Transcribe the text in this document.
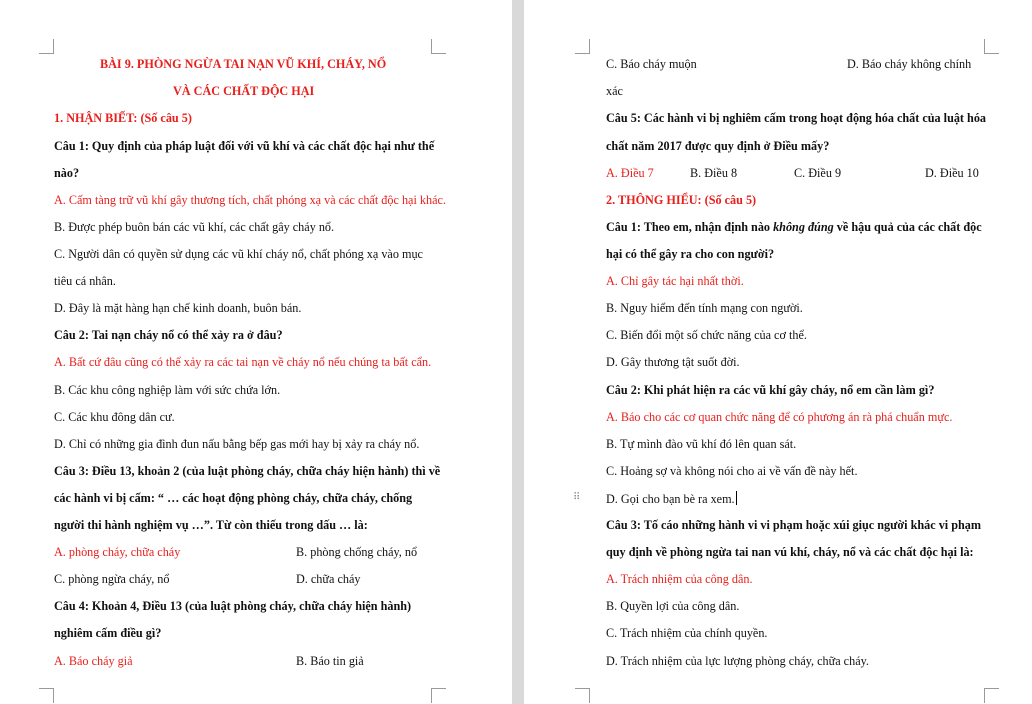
BÀI 9. PHÒNG NGỪA TAI NẠN VŨ KHÍ, CHÁY, NỔ
VÀ CÁC CHẤT ĐỘC HẠI
1. NHẬN BIẾT: (Số câu 5)
Câu 1: Quy định của pháp luật đối với vũ khí và các chất độc hại như thế
nào?
A. Cấm tàng trữ vũ khí gây thương tích, chất phóng xạ và các chất độc hại khác.
B. Được phép buôn bán các vũ khí, các chất gây cháy nổ.
C. Người dân có quyền sử dụng các vũ khí cháy nổ, chất phóng xạ vào mục
tiêu cá nhân.
D. Đây là mặt hàng hạn chế kinh doanh, buôn bán.
Câu 2: Tai nạn cháy nổ có thể xảy ra ở đâu?
A. Bất cứ đâu cũng có thể xảy ra các tai nạn về cháy nổ nếu chúng ta bất cẩn.
B. Các khu công nghiệp làm với sức chứa lớn.
C. Các khu đông dân cư.
D. Chỉ có những gia đình đun nấu bằng bếp gas mới hay bị xảy ra cháy nổ.
Câu 3: Điều 13, khoản 2 (của luật phòng cháy, chữa cháy hiện hành) thì về
các hành vi bị cấm: “ … các hoạt động phòng cháy, chữa cháy, chống
người thi hành nghiệm vụ …”. Từ còn thiếu trong dấu … là:
A. phòng cháy, chữa cháy	B. phòng chống cháy, nổ
C. phòng ngừa cháy, nổ	D. chữa cháy
Câu 4: Khoản 4, Điều 13 (của luật phòng cháy, chữa cháy hiện hành)
nghiêm cấm điều gì?
A. Báo cháy giả	B. Báo tin giả
C. Báo cháy muộn	D. Báo cháy không chính
xác
Câu 5: Các hành vi bị nghiêm cấm trong hoạt động hóa chất của luật hóa
chất năm 2017 được quy định ở Điều mấy?
A. Điều 7	B. Điều 8	C. Điều 9	D. Điều 10
2. THÔNG HIỂU: (Số câu 5)
Câu 1: Theo em, nhận định nào không đúng về hậu quả của các chất độc
hại có thể gây ra cho con người?
A. Chỉ gây tác hại nhất thời.
B. Nguy hiểm đến tính mạng con người.
C. Biến đổi một số chức năng của cơ thể.
D. Gây thương tật suốt đời.
Câu 2: Khi phát hiện ra các vũ khí gây cháy, nổ em cần làm gì?
A. Báo cho các cơ quan chức năng để có phương án rà phá chuẩn mực.
B. Tự mình đào vũ khí đó lên quan sát.
C. Hoảng sợ và không nói cho ai về vấn đề này hết.
D. Gọi cho bạn bè ra xem.
Câu 3: Tố cáo những hành vi vi phạm hoặc xúi giục người khác vi phạm
quy định về phòng ngừa tai nan vú khí, cháy, nổ và các chất độc hại là:
A. Trách nhiệm của công dân.
B. Quyền lợi của công dân.
C. Trách nhiệm của chính quyền.
D. Trách nhiệm của lực lượng phòng cháy, chữa cháy.
⠿
